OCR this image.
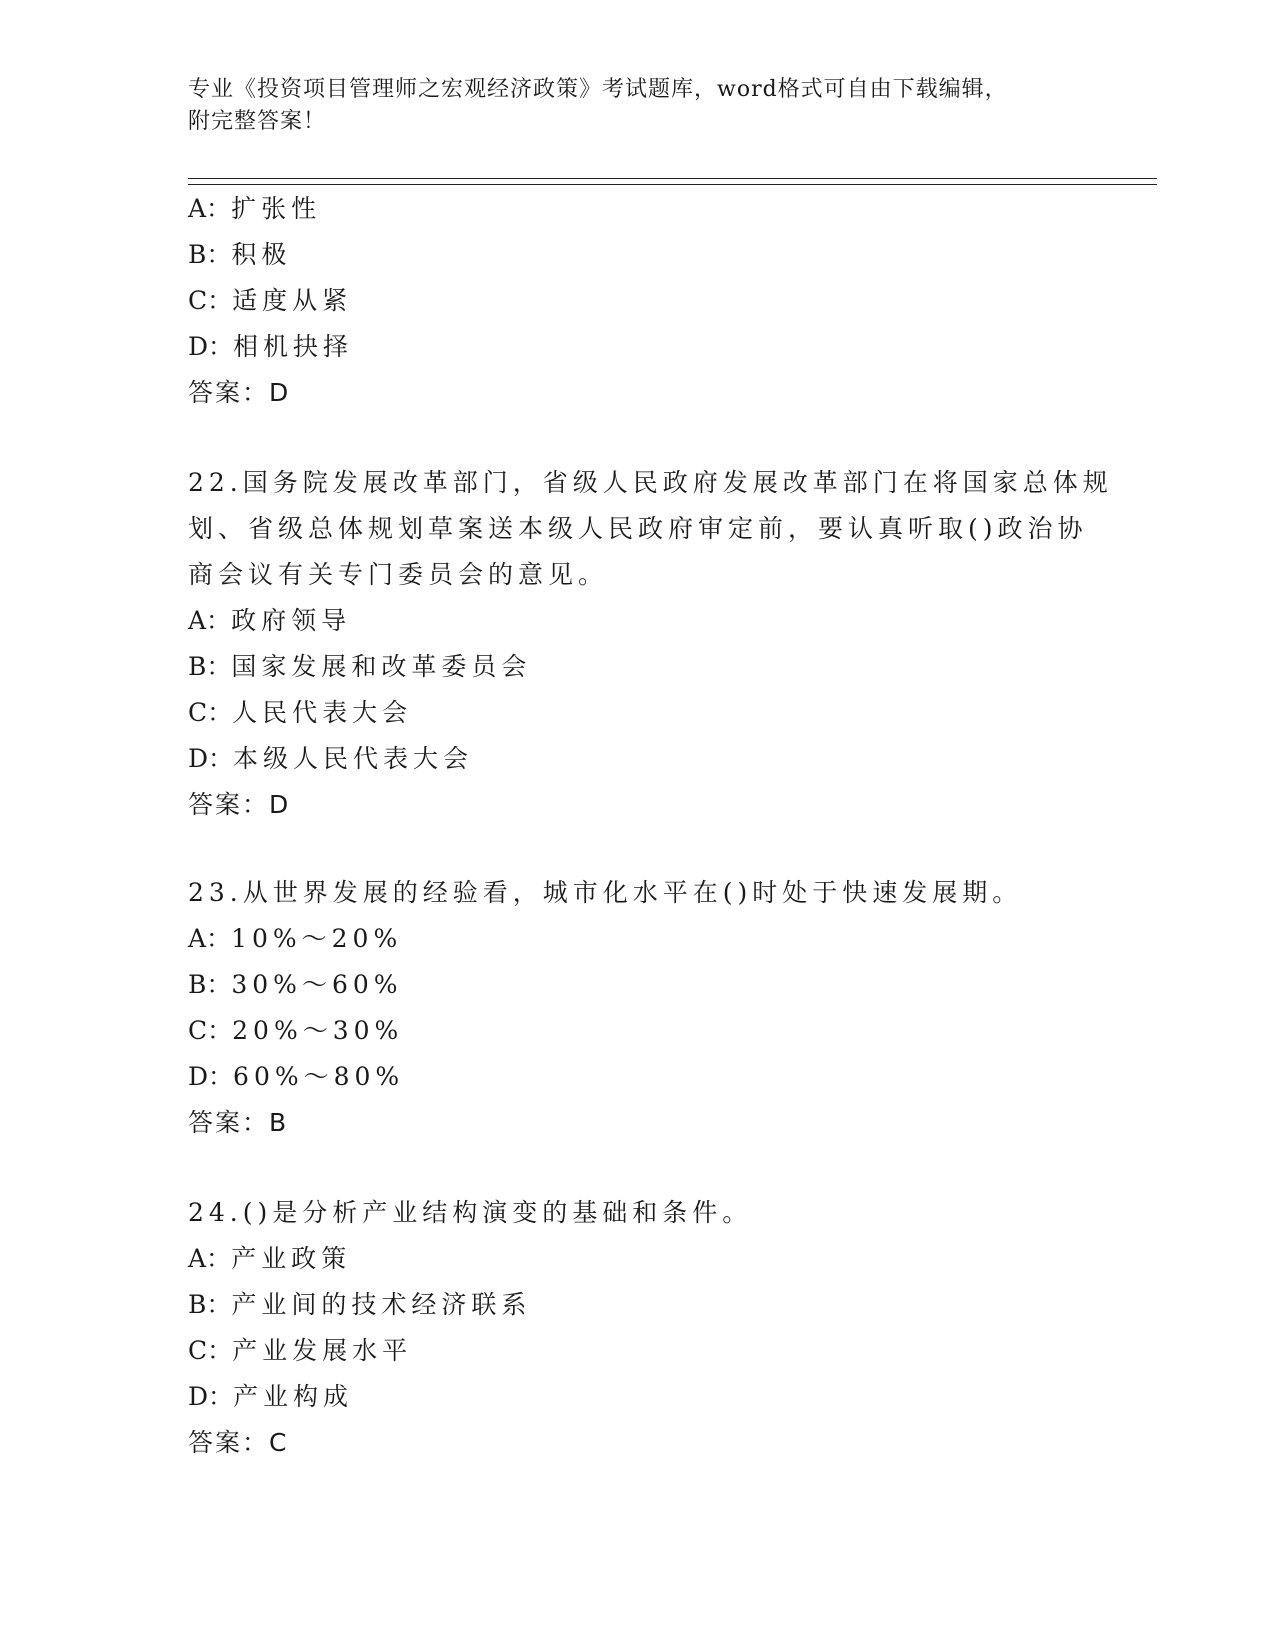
专业《投资项目管理师之宏观经济政策》考试题库，word格式可自由下载编辑，
附完整答案！
A：扩张性
B：积极
C：适度从紧
D：相机抉择
答案：D
22.国务院发展改革部门，省级人民政府发展改革部门在将国家总体规
划、省级总体规划草案送本级人民政府审定前，要认真听取()政治协
商会议有关专门委员会的意见。
A：政府领导
B：国家发展和改革委员会
C：人民代表大会
D：本级人民代表大会
答案：D
23.从世界发展的经验看，城市化水平在()时处于快速发展期。
A：10%～20%
B：30%～60%
C：20%～30%
D：60%～80%
答案：B
24.()是分析产业结构演变的基础和条件。
A：产业政策
B：产业间的技术经济联系
C：产业发展水平
D：产业构成
答案：C
